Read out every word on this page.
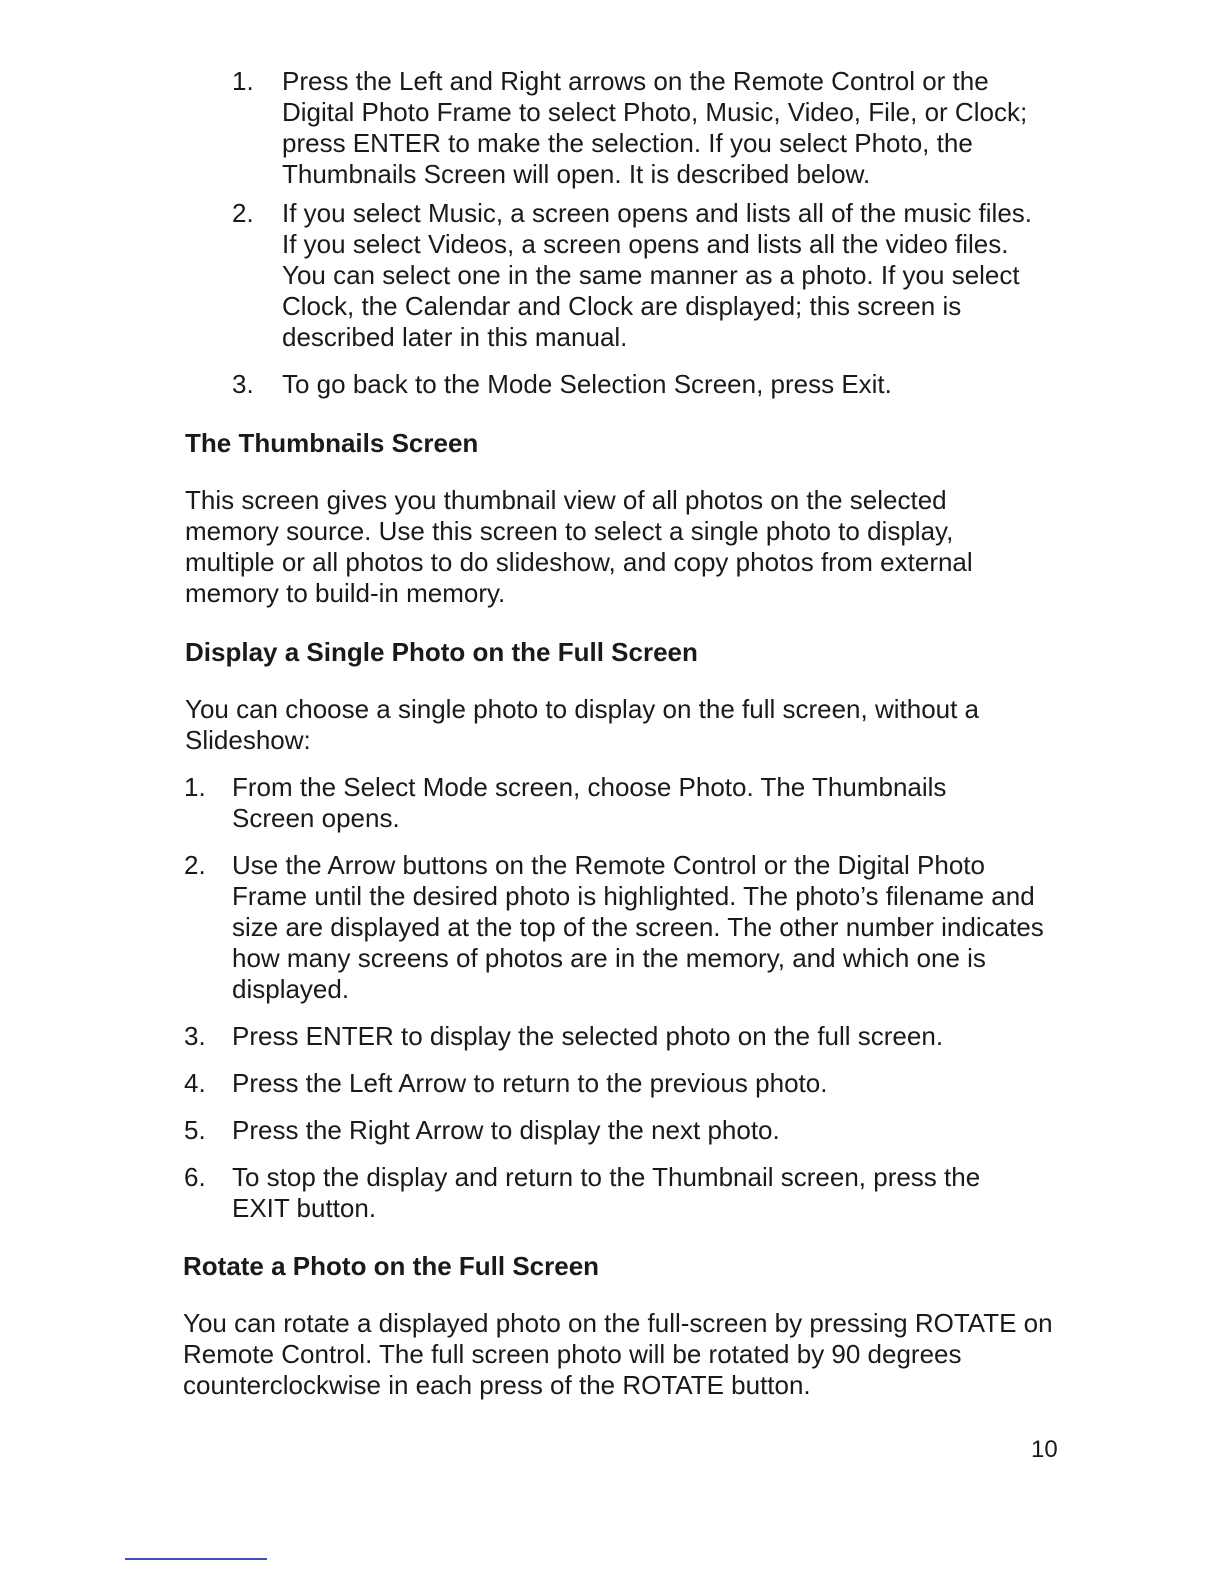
1. Press the Left and Right arrows on the Remote Control or the Digital Photo Frame to select Photo, Music, Video, File, or Clock; press ENTER to make the selection. If you select Photo, the Thumbnails Screen will open. It is described below.
2. If you select Music, a screen opens and lists all of the music files. If you select Videos, a screen opens and lists all the video files. You can select one in the same manner as a photo. If you select Clock, the Calendar and Clock are displayed; this screen is described later in this manual.
3. To go back to the Mode Selection Screen, press Exit.
The Thumbnails Screen

This screen gives you thumbnail view of all photos on the selected memory source. Use this screen to select a single photo to display, multiple or all photos to do slideshow, and copy photos from external memory to build-in memory.

Display a Single Photo on the Full Screen

You can choose a single photo to display on the full screen, without a Slideshow:

1. From the Select Mode screen, choose Photo. The Thumbnails Screen opens.
2. Use the Arrow buttons on the Remote Control or the Digital Photo Frame until the desired photo is highlighted. The photo’s filename and size are displayed at the top of the screen. The other number indicates how many screens of photos are in the memory, and which one is displayed.
3. Press ENTER to display the selected photo on the full screen.
4. Press the Left Arrow to return to the previous photo.
5. Press the Right Arrow to display the next photo.
6. To stop the display and return to the Thumbnail screen, press the EXIT button.
Rotate a Photo on the Full Screen

You can rotate a displayed photo on the full-screen by pressing ROTATE on Remote Control. The full screen photo will be rotated by 90 degrees counterclockwise in each press of the ROTATE button.

10
